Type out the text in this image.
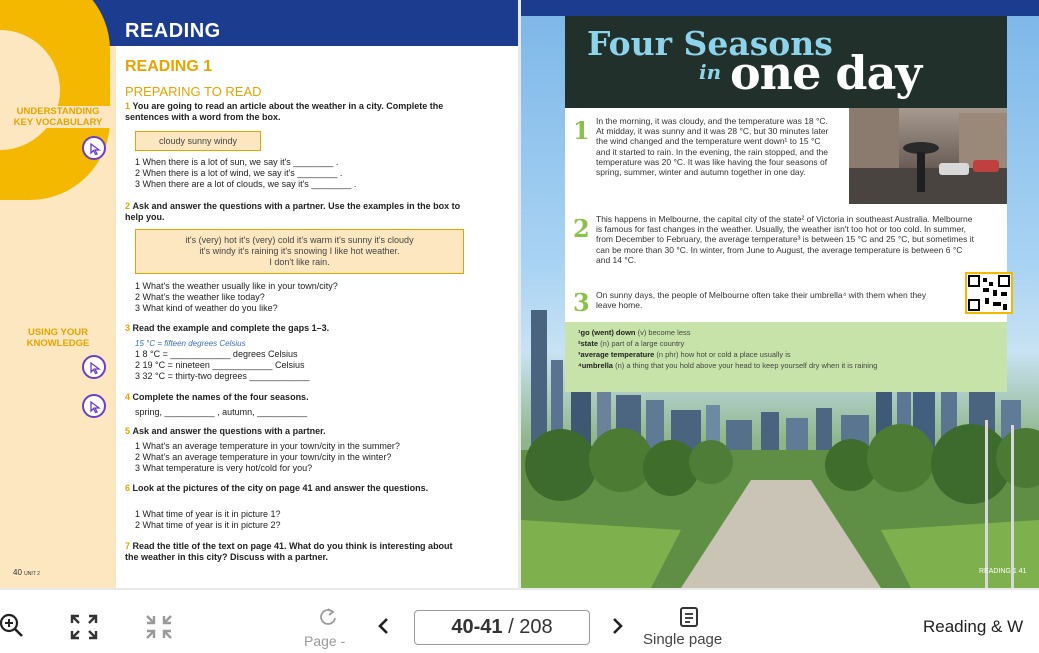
READING
READING 1
PREPARING TO READ
UNDERSTANDING KEY VOCABULARY
USING YOUR KNOWLEDGE
1 You are going to read an article about the weather in a city. Complete the sentences with a word from the box.
cloudy sunny windy
1 When there is a lot of sun, we say it's ________ .
2 When there is a lot of wind, we say it's ________ .
3 When there are a lot of clouds, we say it's ________ .
2 Ask and answer the questions with a partner. Use the examples in the box to help you.
it's (very) hot it's (very) cold it's warm it's sunny it's cloudy
it's windy it's raining it's snowing I like hot weather.
I don't like rain.
1 What's the weather usually like in your town/city?
2 What's the weather like today?
3 What kind of weather do you like?
3 Read the example and complete the gaps 1–3.
15 °C = fifteen degrees Celsius
1 8 °C = ____________ degrees Celsius
2 19 °C = nineteen ____________ Celsius
3 32 °C = thirty-two degrees ____________
4 Complete the names of the four seasons.
spring, __________ , autumn, __________
5 Ask and answer the questions with a partner.
1 What's an average temperature in your town/city in the summer?
2 What's an average temperature in your town/city in the winter?
3 What temperature is very hot/cold for you?
6 Look at the pictures of the city on page 41 and answer the questions.
1 What time of year is it in picture 1?
2 What time of year is it in picture 2?
7 Read the title of the text on page 41. What do you think is interesting about the weather in this city? Discuss with a partner.
40 UNIT 2
Four Seasons
in one day
1 In the morning, it was cloudy, and the temperature was 18 °C. At midday, it was sunny and it was 28 °C, but 30 minutes later the wind changed and the temperature went down¹ to 15 °C and it started to rain. In the evening, the rain stopped, and the temperature was 20 °C. It was like having the four seasons of spring, summer, winter and autumn together in one day.
2 This happens in Melbourne, the capital city of the state² of Victoria in southeast Australia. Melbourne is famous for fast changes in the weather. Usually, the weather isn't too hot or too cold. In summer, from December to February, the average temperature³ is between 15 °C and 25 °C, but sometimes it can be more than 30 °C. In winter, from June to August, the average temperature is between 6 °C and 14 °C.
3 On sunny days, the people of Melbourne often take their umbrella⁴ with them when they leave home.
¹go (went) down (v) become less
²state (n) part of a large country
³average temperature (n phr) how hot or cold a place usually is
⁴umbrella (n) a thing that you hold above your head to keep yourself dry when it is raining
READING 1 41
Page -
40-41 / 208
Single page
Reading & W
